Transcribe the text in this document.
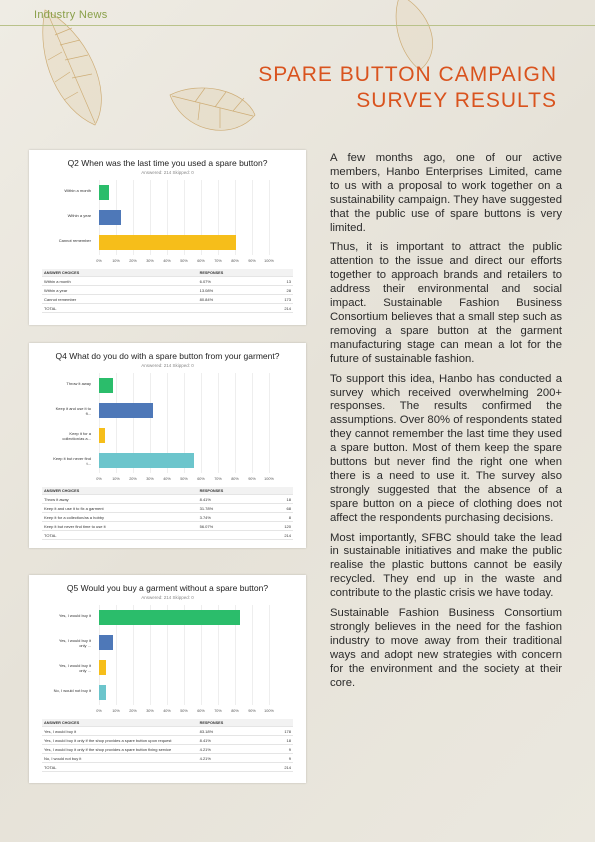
Industry News
SPARE BUTTON CAMPAIGN
SURVEY RESULTS
Q2 When was the last time you used a spare button?
Answered: 214 Skipped: 0
Within a month
Within a year
Cannot remember
0%	10% 20% 30% 40% 50% 60% 70% 80% 90% 100%
ANSWER CHOICES	RESPONSES	
Within a month	6.07%	13
Within a year	13.08%	28
Cannot remember	80.84%	173
TOTAL		214
Q4 What do you do with a spare button from your garment?
Answered: 214 Skipped: 0
Throw it away
Keep it and use it to fi...
Keep it for a collection/as a...
Keep it but never find t...
0%	10% 20% 30% 40% 50% 60% 70% 80% 90% 100%
ANSWER CHOICES	RESPONSES	
Throw it away	8.41%	18
Keep it and use it to fix a garment	31.78%	68
Keep it for a collection/as a hobby	3.74%	8
Keep it but never find time to use it	56.07%	120
TOTAL		214
Q5 Would you buy a garment without a spare button?
Answered: 214 Skipped: 0
Yes, I would buy it
Yes, I would buy it only ...
Yes, I would buy it only ...
No, I would not buy it
0%	10% 20% 30% 40% 50% 60% 70% 80% 90% 100%
ANSWER CHOICES	RESPONSES	
Yes, I would buy it	83.18%	178
Yes, I would buy it only if the shop provides a spare button upon request	8.41%	18
Yes, I would buy it only if the shop provides a spare button fixing service	4.21%	9
No, I would not buy it	4.21%	9
TOTAL		214

A few months ago, one of our active members, Hanbo Enterprises Limited, came to us with a proposal to work together on a sustainability campaign. They have suggested that the public use of spare buttons is very limited.

Thus, it is important to attract the public attention to the issue and direct our efforts together to approach brands and retailers to address their environmental and social impact. Sustainable Fashion Business Consortium believes that a small step such as removing a spare button at the garment manufacturing stage can mean a lot for the future of sustainable fashion.

To support this idea, Hanbo has conducted a survey which received overwhelming 200+ responses. The results confirmed the assumptions. Over 80% of respondents stated they cannot remember the last time they used a spare button. Most of them keep the spare buttons but never find the right one when there is a need to use it. The survey also strongly suggested that the absence of a spare button on a piece of clothing does not affect the respondents purchasing decisions.

Most importantly, SFBC should take the lead in sustainable initiatives and make the public realise the plastic buttons cannot be easily recycled. They end up in the waste and contribute to the plastic crisis we have today.

Sustainable Fashion Business Consortium strongly believes in the need for the fashion industry to move away from their traditional ways and adopt new strategies with concern for the environment and the society at their core.
